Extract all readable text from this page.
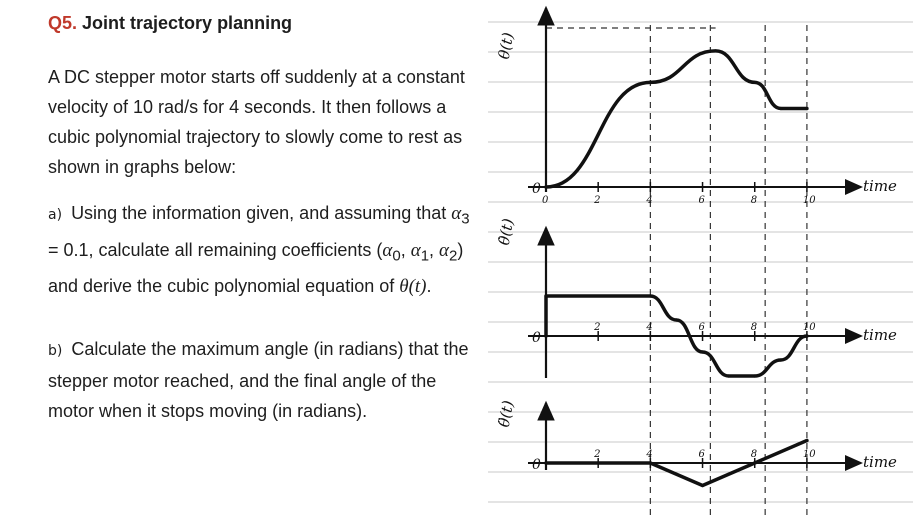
Q5. Joint trajectory planning

A DC stepper motor starts off suddenly at a constant velocity of 10 rad/s for 4 seconds. It then follows a cubic polynomial trajectory to slowly come to rest as shown in graphs below:

a) Using the information given, and assuming that $\alpha_3 = 0.1$, calculate all remaining coefficients ($\alpha_0$, $\alpha_1$, $\alpha_2$) and derive the cubic polynomial equation of θ(t).

b) Calculate the maximum angle (in radians) that the stepper motor reached, and the final angle of the motor when it stops moving (in radians).

θ(t)
time
0
0	2	4	6	8	10
θ̇(t)
time
0
2	4	6	8	10
θ̈(t)
time
0
2	4	6	8	10
